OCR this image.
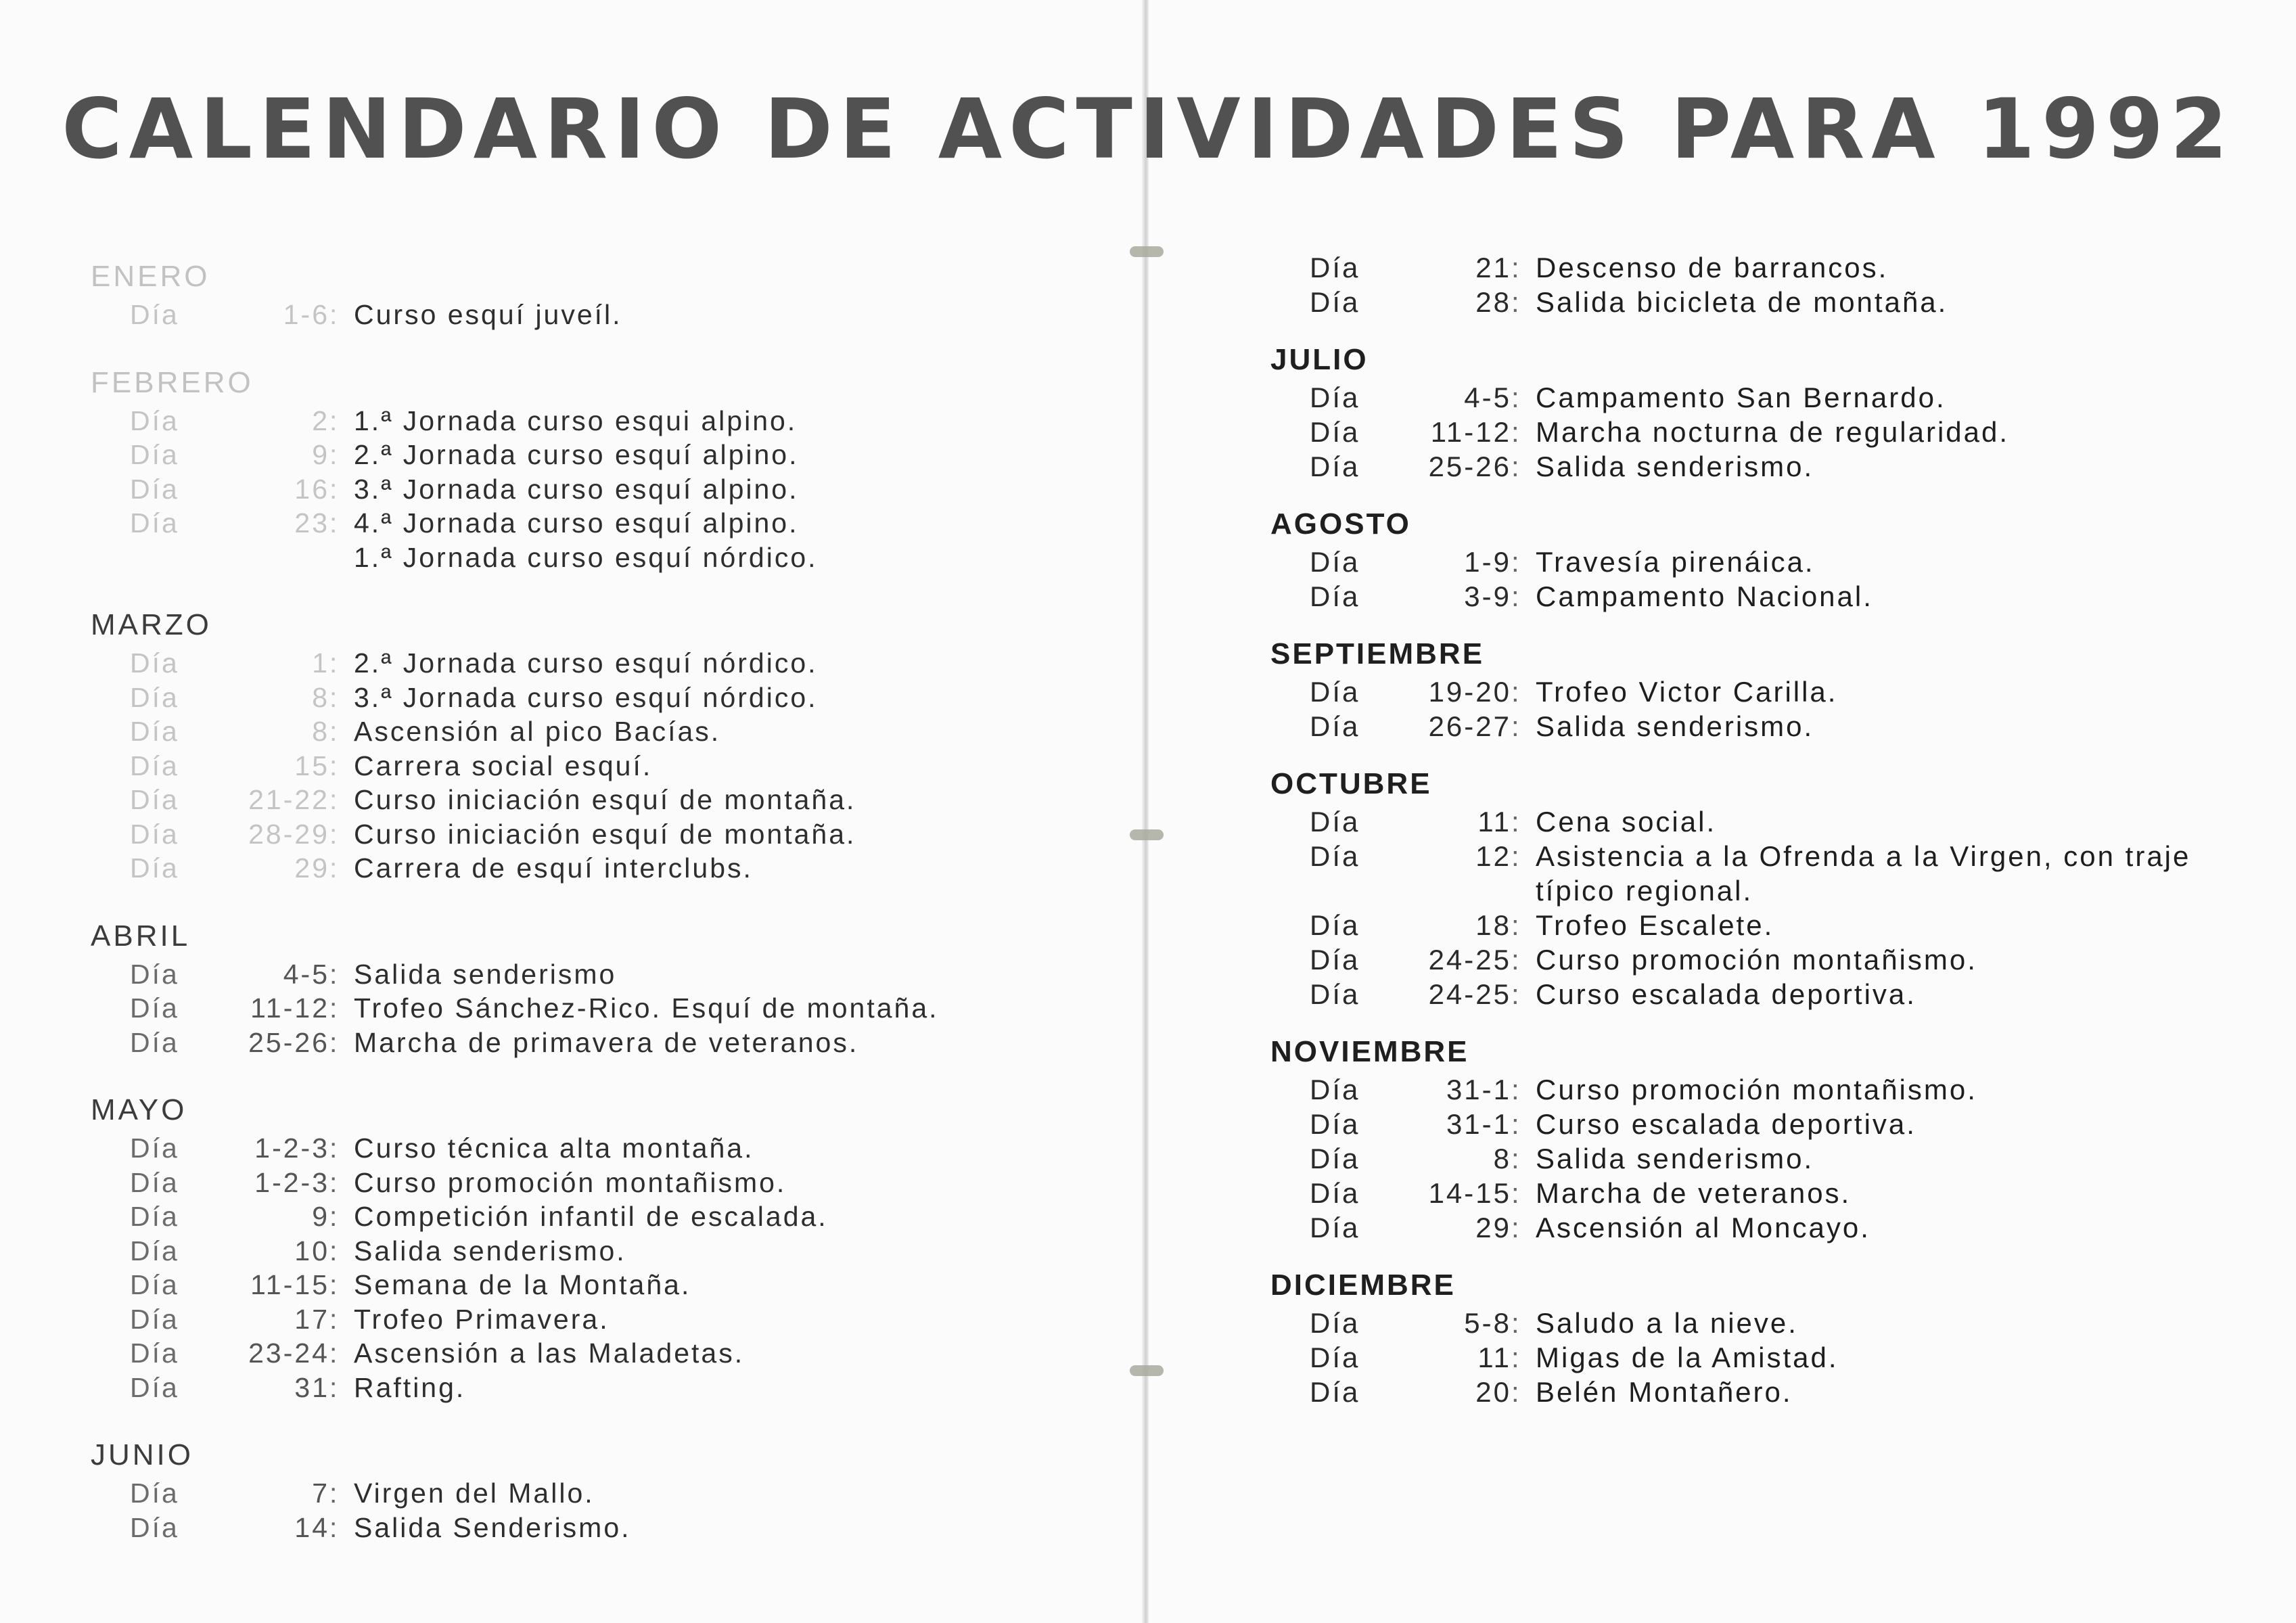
CALENDARIO DE ACTIVIDADES PARA 1992
ENERO
Día	1-6 : Curso esquí juveíl.
FEBRERO
Día	2 : 1.ª Jornada curso esqui alpino.
Día	9 : 2.ª Jornada curso esquí alpino.
Día	16 : 3.ª Jornada curso esquí alpino.
Día	23 : 4.ª Jornada curso esquí alpino.
1.ª Jornada curso esquí nórdico.
MARZO
Día	1 : 2.ª Jornada curso esquí nórdico.
Día	8 : 3.ª Jornada curso esquí nórdico.
Día	8 : Ascensión al pico Bacías.
Día	15 : Carrera social esquí.
Día	21-22 : Curso iniciación esquí de montaña.
Día	28-29 : Curso iniciación esquí de montaña.
Día	29 : Carrera de esquí interclubs.
ABRIL
Día	4-5 : Salida senderismo
Día	11-12 : Trofeo Sánchez-Rico. Esquí de montaña.
Día	25-26 : Marcha de primavera de veteranos.
MAYO
Día	1-2-3 : Curso técnica alta montaña.
Día	1-2-3 : Curso promoción montañismo.
Día	9 : Competición infantil de escalada.
Día	10 : Salida senderismo.
Día	11-15 : Semana de la Montaña.
Día	17 : Trofeo Primavera.
Día	23-24 : Ascensión a las Maladetas.
Día	31 : Rafting.
JUNIO
Día	7 : Virgen del Mallo.
Día	14 : Salida Senderismo.
Día	21 : Descenso de barrancos.
Día	28 : Salida bicicleta de montaña.
JULIO
Día	4-5 : Campamento San Bernardo.
Día	11-12 : Marcha nocturna de regularidad.
Día	25-26 : Salida senderismo.
AGOSTO
Día	1-9 : Travesía pirenáica.
Día	3-9 : Campamento Nacional.
SEPTIEMBRE
Día	19-20 : Trofeo Victor Carilla.
Día	26-27 : Salida senderismo.
OCTUBRE
Día	11 : Cena social.
Día	12 : Asistencia a la Ofrenda a la Virgen, con traje típico regional.
Día	18 : Trofeo Escalete.
Día	24-25 : Curso promoción montañismo.
Día	24-25 : Curso escalada deportiva.
NOVIEMBRE
Día	31-1 : Curso promoción montañismo.
Día	31-1 : Curso escalada deportiva.
Día	8 : Salida senderismo.
Día	14-15 : Marcha de veteranos.
Día	29 : Ascensión al Moncayo.
DICIEMBRE
Día	5-8 : Saludo a la nieve.
Día	11 : Migas de la Amistad.
Día	20 : Belén Montañero.
